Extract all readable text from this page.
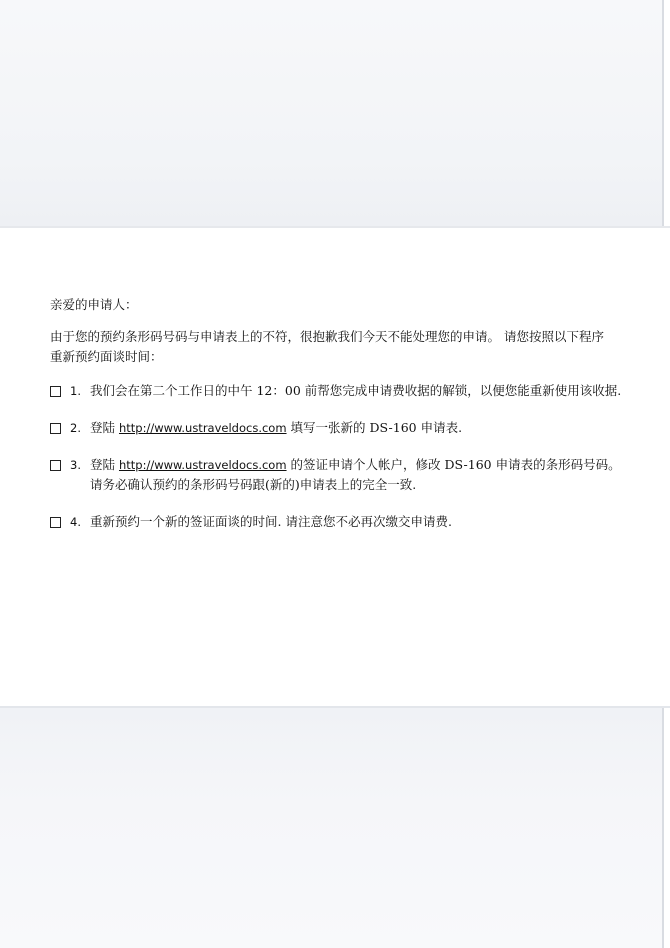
亲爱的申请人：

由于您的预约条形码号码与申请表上的不符，很抱歉我们今天不能处理您的申请。 请您按照以下程序重新预约面谈时间：

1. 我们会在第二个工作日的中午 12：00 前帮您完成申请费收据的解锁，以便您能重新使用该收据.
2. 登陆 http://www.ustraveldocs.com 填写一张新的 DS-160 申请表.
3. 登陆 http://www.ustraveldocs.com 的签证申请个人帐户，修改 DS-160 申请表的条形码号码。请务必确认预约的条形码号码跟(新的)申请表上的完全一致.
4. 重新预约一个新的签证面谈的时间. 请注意您不必再次缴交申请费.
